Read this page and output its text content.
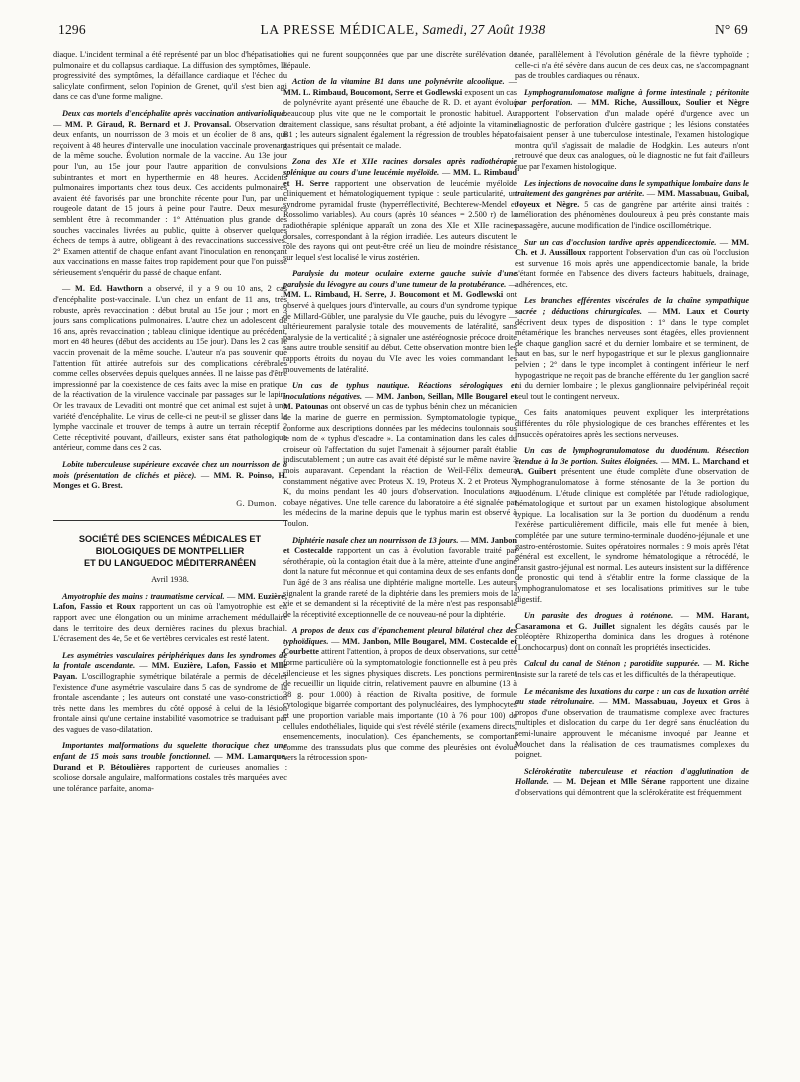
1296	LA PRESSE MÉDICALE, Samedi, 27 Août 1938	N° 69

diaque. L'incident terminal a été représenté par un bloc d'hépatisation pulmonaire et du collapsus cardiaque. La diffusion des symptômes, la progressivité des symptômes, la défaillance cardiaque et l'échec du salicylate confirment, selon l'opinion de Grenet, qu'il s'est bien agi dans ce cas d'une forme maligne.

Deux cas mortels d'encéphalite après vaccination antivariolique. — MM. P. Giraud, R. Bernard et J. Provansal. Observation de deux enfants, un nourrisson de 3 mois et un écolier de 8 ans, qui reçoivent à 48 heures d'intervalle une inoculation vaccinale provenant de la même souche. Évolution normale de la vaccine. Au 13e jour pour l'un, au 15e jour pour l'autre apparition de convulsions subintrantes et mort en hyperthermie en 48 heures. Accidents pulmonaires importants chez tous deux. Ces accidents pulmonaires avaient été favorisés par une bronchite récente pour l'un, par une rougeole datant de 15 jours à peine pour l'autre. Deux mesures semblent être à recommander : 1° Atténuation plus grande des souches vaccinales livrées au public, quitte à observer quelques échecs de temps à autre, obligeant à des revaccinations successives. 2° Examen attentif de chaque enfant avant l'inoculation en renonçant aux vaccinations en masse faites trop rapidement pour que l'on puisse sérieusement s'enquérir du passé de chaque enfant.

— M. Ed. Hawthorn a observé, il y a 9 ou 10 ans, 2 cas d'encéphalite post-vaccinale. L'un chez un enfant de 11 ans, très robuste, après revaccination : début brutal au 15e jour ; mort en 3 jours sans complications pulmonaires. L'autre chez un adolescent de 16 ans, après revaccination ; tableau clinique identique au précédent, mort en 48 heures (début des accidents au 15e jour). Dans les 2 cas le vaccin provenait de la même souche. L'auteur n'a pas souvenir que l'attention fût attirée autrefois sur des complications cérébrales comme celles observées depuis quelques années. Il ne laisse pas d'être impressionné par la coexistence de ces faits avec la mise en pratique de la réactivation de la virulence vaccinale par passages sur le lapin. Or les travaux de Levaditi ont montré que cet animal est sujet à une variété d'encéphalite. Le virus de celle-ci ne peut-il se glisser dans la lymphe vaccinale et trouver de temps à autre un terrain réceptif ? Cette réceptivité pouvant, d'ailleurs, exister sans état pathologique antérieur, comme dans ces 2 cas.

Lobite tuberculeuse supérieure excavée chez un nourrisson de 8 mois (présentation de clichés et pièce). — MM. R. Poinso, H. Monges et G. Brest.

G. Dumon.
SOCIÉTÉ DES SCIENCES MÉDICALES ET BIOLOGIQUES DE MONTPELLIER
ET DU LANGUEDOC MÉDITERRANÉEN
Avril 1938.

Amyotrophie des mains : traumatisme cervical. — MM. Euzière, Lafon, Fassio et Roux rapportent un cas où l'amyotrophie est en rapport avec une élongation ou un minime arrachement médullaire dans le territoire des deux dernières racines du plexus brachial. L'écrasement des 4e, 5e et 6e vertèbres cervicales est resté latent.

Les asymétries vasculaires périphériques dans les syndromes de la frontale ascendante. — MM. Euzière, Lafon, Fassio et Mlle Payan. L'oscillographie symétrique bilatérale a permis de déceler l'existence d'une asymétrie vasculaire dans 5 cas de syndrome de la frontale ascendante ; les auteurs ont constaté une vaso-constriction très nette dans les membres du côté opposé à celui de la lésion frontale ainsi qu'une certaine instabilité vasomotrice se traduisant par des vagues de vaso-dilatation.

Importantes malformations du squelette thoracique chez une enfant de 15 mois sans trouble fonctionnel. — MM. Lamarque, Durand et P. Bétoulières rapportent de curieuses anomalies : scoliose dorsale angulaire, malformations costales très marquées avec une tolérance parfaite, anoma-

lies qui ne furent soupçonnées que par une discrète surélévation de l'épaule.

Action de la vitamine B1 dans une polynévrite alcoolique. — MM. L. Rimbaud, Boucomont, Serre et Godlewski exposent un cas de polynévrite ayant présenté une ébauche de R. D. et ayant évolué beaucoup plus vite que ne le comportait le pronostic habituel. Au traitement classique, sans résultat probant, a été adjointe la vitamine B1 ; les auteurs signalent également la régression de troubles hépato-gastriques qui présentait ce malade.

Zona des XIe et XIIe racines dorsales après radiothérapie splénique au cours d'une leucémie myéloïde. — MM. L. Rimbaud et H. Serre rapportent une observation de leucémie myéloïde cliniquement et hématologiquement typique : seule particularité, un syndrome pyramidal fruste (hyperréflectivité, Bechterew-Mendel et Rossolimo variables). Au cours (après 10 séances = 2.500 r) de la radiothérapie splénique apparaît un zona des XIe et XIIe racines dorsales, correspondant à la région irradiée. Les auteurs discutent le rôle des rayons qui ont peut-être créé un lieu de moindre résistance sur lequel s'est localisé le virus zostérien.

Paralysie du moteur oculaire externe gauche suivie d'une paralysie du lévogyre au cours d'une tumeur de la protubérance. — MM. L. Rimbaud, H. Serre, J. Boucomont et M. Godlewski ont observé à quelques jours d'intervalle, au cours d'un syndrome typique de Millard-Gübler, une paralysie du VIe gauche, puis du lévogyre — ultérieurement paralysie totale des mouvements de latéralité, sans paralysie de la verticalité ; à signaler une astéréognosie précoce droite sans autre trouble sensitif au début. Cette observation montre bien les rapports étroits du noyau du VIe avec les voies commandant les mouvements de latéralité.

Un cas de typhus nautique. Réactions sérologiques et inoculations négatives. — MM. Janbon, Seillan, Mlle Bougarel et M. Patounas ont observé un cas de typhus bénin chez un mécanicien de la marine de guerre en permission. Symptomatologie typique, conforme aux descriptions données par les médecins toulonnais sous le nom de « typhus d'escadre ». La contamination dans les cales du croiseur où l'affectation du sujet l'amenait à séjourner paraît établie indiscutablement ; un autre cas avait été dépisté sur le même navire 3 mois auparavant. Cependant la réaction de Weil-Félix demeura constamment négative avec Proteus X. 19, Proteus X. 2 et Proteus X K, du moins pendant les 40 jours d'observation. Inoculations au cobaye négatives. Une telle carence du laboratoire a été signalée par les médecins de la marine depuis que le typhus marin est observé à Toulon.

Diphtérie nasale chez un nourrisson de 13 jours. — MM. Janbon et Costecalde rapportent un cas à évolution favorable traité par sérothérapie, où la contagion était due à la mère, atteinte d'une angine dont la nature fut méconnue et qui contamina deux de ses enfants dont l'un âgé de 3 ans réalisa une diphtérie maligne mortelle. Les auteurs signalent la grande rareté de la diphtérie dans les premiers mois de la vie et se demandent si la réceptivité de la mère n'est pas responsable de la réceptivité exceptionnelle de ce nouveau-né pour la diphtérie.

A propos de deux cas d'épanchement pleural bilatéral chez des typhoïdiques. — MM. Janbon, Mlle Bougarel, MM. Costecalde et Courbette attirent l'attention, à propos de deux observations, sur cette forme particulière où la symptomatologie fonctionnelle est à peu près silencieuse et les signes physiques discrets. Les ponctions permirent de recueillir un liquide citrin, relativement pauvre en albumine (13 à 38 g. pour 1.000) à réaction de Rivalta positive, de formule cytologique bigarrée comportant des polynucléaires, des lymphocytes et une proportion variable mais importante (10 à 76 pour 100) de cellules endothéliales, liquide qui s'est révélé stérile (examens directs, ensemencements, inoculation). Ces épanchements, se comportant comme des transsudats plus que comme des pleurésies ont évolué vers la rétrocession spon-

tanée, parallèlement à l'évolution générale de la fièvre typhoïde ; celle-ci n'a été sévère dans aucun de ces deux cas, ne s'accompagnant pas de troubles cardiaques ou rénaux.

Lymphogranulomatose maligne à forme intestinale ; péritonite par perforation. — MM. Riche, Aussilloux, Soulier et Nègre rapportent l'observation d'un malade opéré d'urgence avec un diagnostic de perforation d'ulcère gastrique ; les lésions constatées faisaient penser à une tuberculose intestinale, l'examen histologique montra qu'il s'agissait de maladie de Hodgkin. Les auteurs n'ont retrouvé que deux cas analogues, où le diagnostic ne fut fait d'ailleurs que par l'examen histologique.

Les injections de novocaïne dans le sympathique lombaire dans le traitement des gangrènes par artérite. — MM. Massabuau, Guibal, Joyeux et Nègre. 5 cas de gangrène par artérite ainsi traités : amélioration des phénomènes douloureux à peu près constante mais passagère, aucune modification de l'indice oscillométrique.

Sur un cas d'occlusion tardive après appendicectomie. — MM. Ch. et J. Aussilloux rapportent l'observation d'un cas où l'occlusion est survenue 16 mois après une appendicectomie banale, la bride s'étant formée en l'absence des divers facteurs habituels, drainage, adhérences, etc.

Les branches efférentes viscérales de la chaîne sympathique sacrée ; déductions chirurgicales. — MM. Laux et Courty décrivent deux types de disposition : 1° dans le type complet métamérique les branches nerveuses sont étagées, elles proviennent de chaque ganglion sacré et du dernier lombaire et se terminent, de haut en bas, sur le nerf hypogastrique et sur le plexus ganglionnaire pelvien ; 2° dans le type incomplet à contingent inférieur le nerf hypogastrique ne reçoit pas de branche efférente du 1er ganglion sacré ni du dernier lombaire ; le plexus ganglionnaire pelvipérinéal reçoit seul tout le contingent nerveux.

Ces faits anatomiques peuvent expliquer les interprétations différentes du rôle physiologique de ces branches efférentes et les insuccès opératoires après les sections nerveuses.

Un cas de lymphogranulomatose du duodénum. Résection étendue à la 3e portion. Suites éloignées. — MM. L. Marchand et A. Guibert présentent une étude complète d'une observation de lymphogranulomatose à forme sténosante de la 3e portion du duodénum. L'étude clinique est complétée par l'étude radiologique, hématologique et surtout par un examen histologique absolument typique. La localisation sur la 3e portion du duodénum a rendu l'exérèse particulièrement difficile, mais elle fut menée à bien, complétée par une suture termino-terminale duodéno-jéjunale et une gastro-entérostomie. Suites opératoires normales : 9 mois après l'état général est excellent, le syndrome hématologique a rétrocédé, le transit gastro-jéjunal est normal. Les auteurs insistent sur la différence de pronostic qui tend à s'établir entre la forme classique de la lymphogranulomatose et ses localisations primitives sur le tube digestif.

Un parasite des drogues à roténone. — MM. Harant, Casaramona et G. Juillet signalent les dégâts causés par le coléoptère Rhizopertha dominica dans les drogues à roténone (Lonchocarpus) dont on connaît les propriétés insecticides.

Calcul du canal de Sténon ; parotidite suppurée. — M. Riche insiste sur la rareté de tels cas et les difficultés de la thérapeutique.

Le mécanisme des luxations du carpe : un cas de luxation arrêté au stade rétrolunaire. — MM. Massabuau, Joyeux et Gros à propos d'une observation de traumatisme complexe avec fractures multiples et dislocation du carpe du 1er degré sans énucléation du semi-lunaire approuvent le mécanisme invoqué par Jeanne et Mouchet dans la réalisation de ces traumatismes complexes du poignet.

Sclérokératite tuberculeuse et réaction d'agglutination de Hollande. — M. Dejean et Mlle Sérane rapportent une dizaine d'observations qui démontrent que la sclérokératite est fréquemment
